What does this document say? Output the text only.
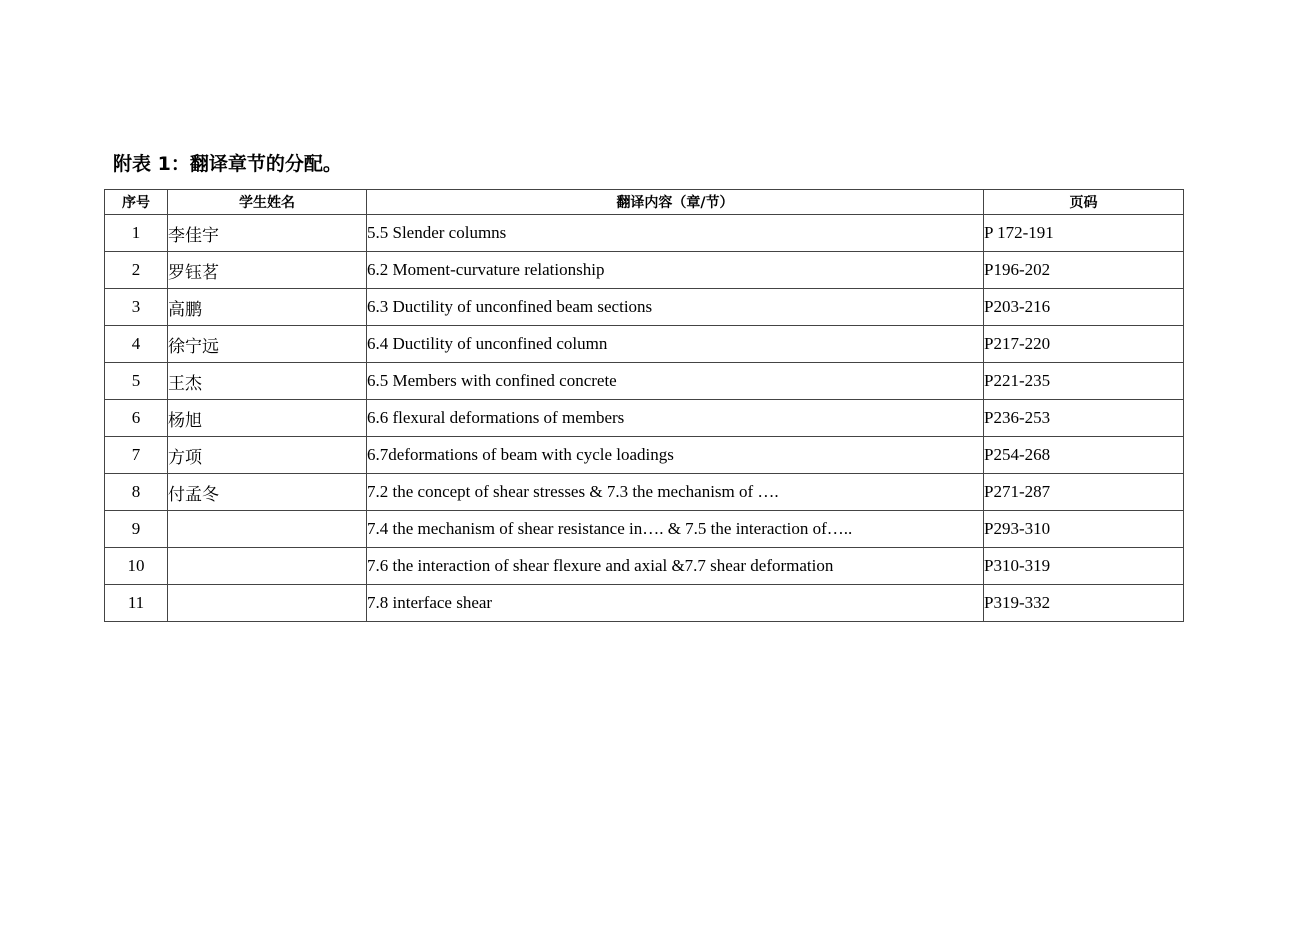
附表 1：翻译章节的分配。
序号	学生姓名	翻译内容（章/节）	页码
1	李佳宇	5.5 Slender columns	P 172-191
2	罗钰茗	6.2 Moment-curvature relationship	P196-202
3	高鹏	6.3 Ductility of unconfined beam sections	P203-216
4	徐宁远	6.4 Ductility of unconfined column	P217-220
5	王杰	6.5 Members with confined concrete	P221-235
6	杨旭	6.6 flexural deformations of members	P236-253
7	方项	6.7deformations of beam with cycle loadings	P254-268
8	付孟冬	7.2 the concept of shear stresses & 7.3 the mechanism of ….	P271-287
9		7.4 the mechanism of shear resistance in…. & 7.5 the interaction of…..	P293-310
10		7.6 the interaction of shear flexure and axial &7.7 shear deformation	P310-319
11		7.8 interface shear	P319-332
